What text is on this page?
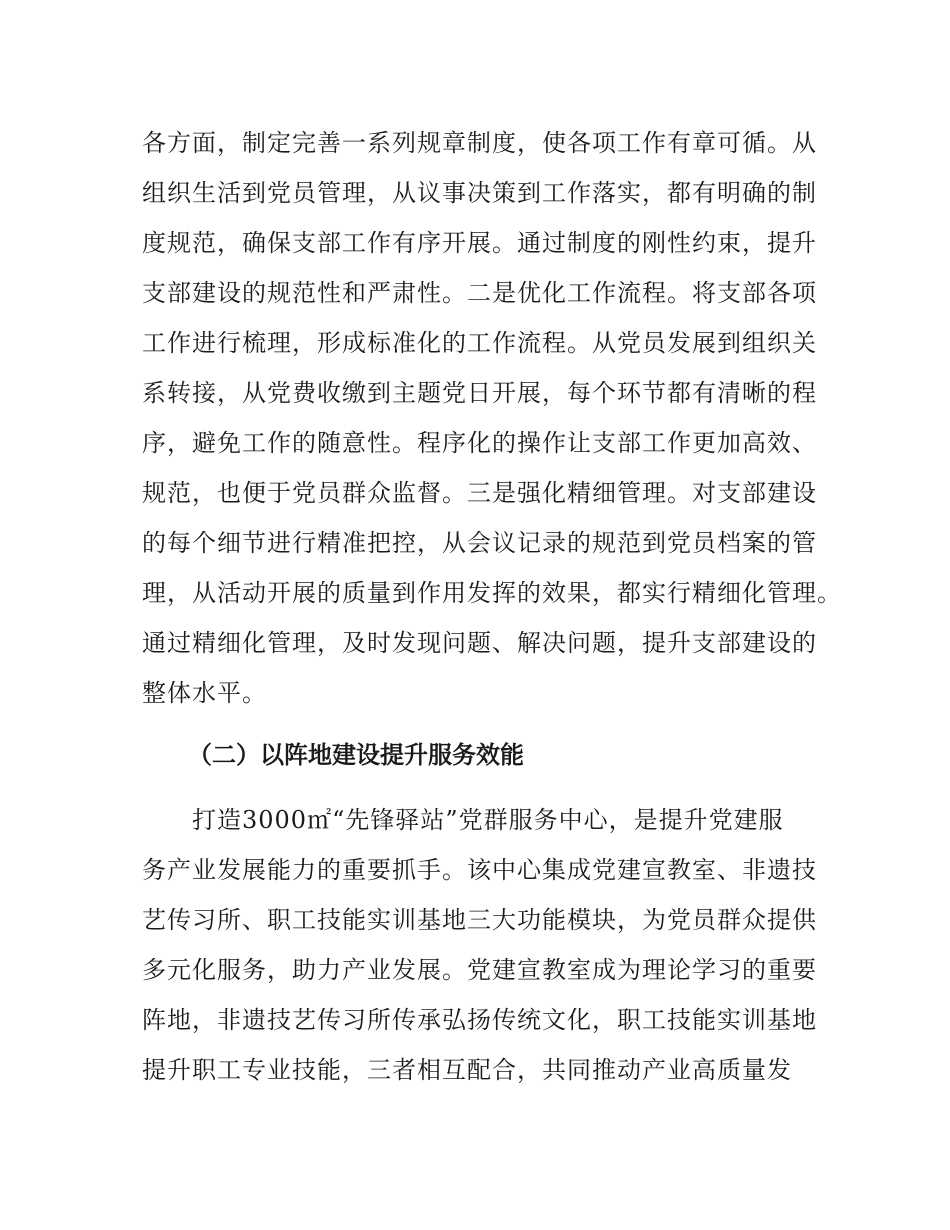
各方面，制定完善一系列规章制度，使各项工作有章可循。从
组织生活到党员管理，从议事决策到工作落实，都有明确的制
度规范，确保支部工作有序开展。通过制度的刚性约束，提升
支部建设的规范性和严肃性。二是优化工作流程。将支部各项
工作进行梳理，形成标准化的工作流程。从党员发展到组织关
系转接，从党费收缴到主题党日开展，每个环节都有清晰的程
序，避免工作的随意性。程序化的操作让支部工作更加高效、
规范，也便于党员群众监督。三是强化精细管理。对支部建设
的每个细节进行精准把控，从会议记录的规范到党员档案的管
理，从活动开展的质量到作用发挥的效果，都实行精细化管理。
通过精细化管理，及时发现问题、解决问题，提升支部建设的
整体水平。
（二）以阵地建设提升服务效能
打造3000㎡“先锋驿站”党群服务中心，是提升党建服
务产业发展能力的重要抓手。该中心集成党建宣教室、非遗技
艺传习所、职工技能实训基地三大功能模块，为党员群众提供
多元化服务，助力产业发展。党建宣教室成为理论学习的重要
阵地，非遗技艺传习所传承弘扬传统文化，职工技能实训基地
提升职工专业技能，三者相互配合，共同推动产业高质量发
